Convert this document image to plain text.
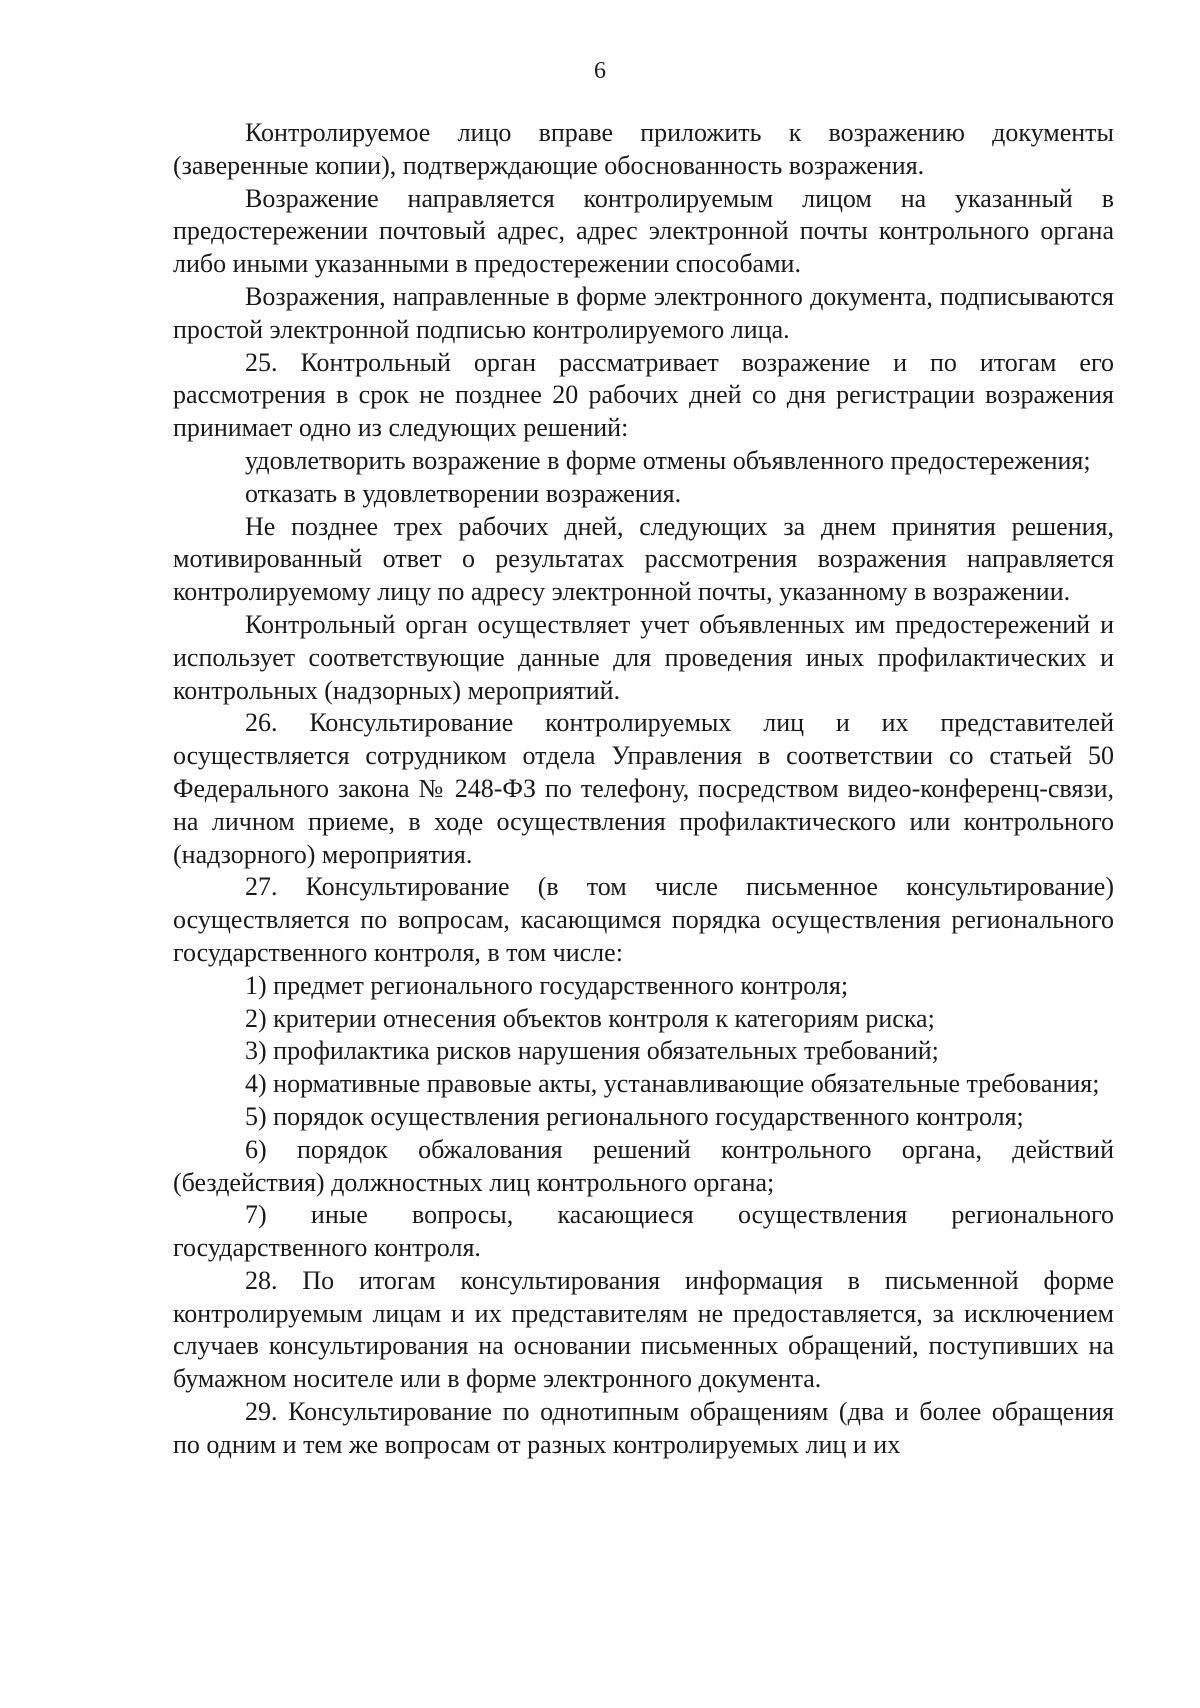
6

Контролируемое лицо вправе приложить к возражению документы (заверенные копии), подтверждающие обоснованность возражения.

Возражение направляется контролируемым лицом на указанный в предостережении почтовый адрес, адрес электронной почты контрольного органа либо иными указанными в предостережении способами.

Возражения, направленные в форме электронного документа, подписываются простой электронной подписью контролируемого лица.

25. Контрольный орган рассматривает возражение и по итогам его рассмотрения в срок не позднее 20 рабочих дней со дня регистрации возражения принимает одно из следующих решений:

удовлетворить возражение в форме отмены объявленного предостережения;

отказать в удовлетворении возражения.

Не позднее трех рабочих дней, следующих за днем принятия решения, мотивированный ответ о результатах рассмотрения возражения направляется контролируемому лицу по адресу электронной почты, указанному в возражении.

Контрольный орган осуществляет учет объявленных им предостережений и использует соответствующие данные для проведения иных профилактических и контрольных (надзорных) мероприятий.

26. Консультирование контролируемых лиц и их представителей осуществляется сотрудником отдела Управления в соответствии со статьей 50 Федерального закона № 248-ФЗ по телефону, посредством видео-конференц-связи, на личном приеме, в ходе осуществления профилактического или контрольного (надзорного) мероприятия.

27. Консультирование (в том числе письменное консультирование) осуществляется по вопросам, касающимся порядка осуществления регионального государственного контроля, в том числе:

1) предмет регионального государственного контроля;

2) критерии отнесения объектов контроля к категориям риска;

3) профилактика рисков нарушения обязательных требований;

4) нормативные правовые акты, устанавливающие обязательные требования;

5) порядок осуществления регионального государственного контроля;

6) порядок обжалования решений контрольного органа, действий (бездействия) должностных лиц контрольного органа;

7) иные вопросы, касающиеся осуществления регионального государственного контроля.

28. По итогам консультирования информация в письменной форме контролируемым лицам и их представителям не предоставляется, за исключением случаев консультирования на основании письменных обращений, поступивших на бумажном носителе или в форме электронного документа.

29. Консультирование по однотипным обращениям (два и более обращения по одним и тем же вопросам от разных контролируемых лиц и их
